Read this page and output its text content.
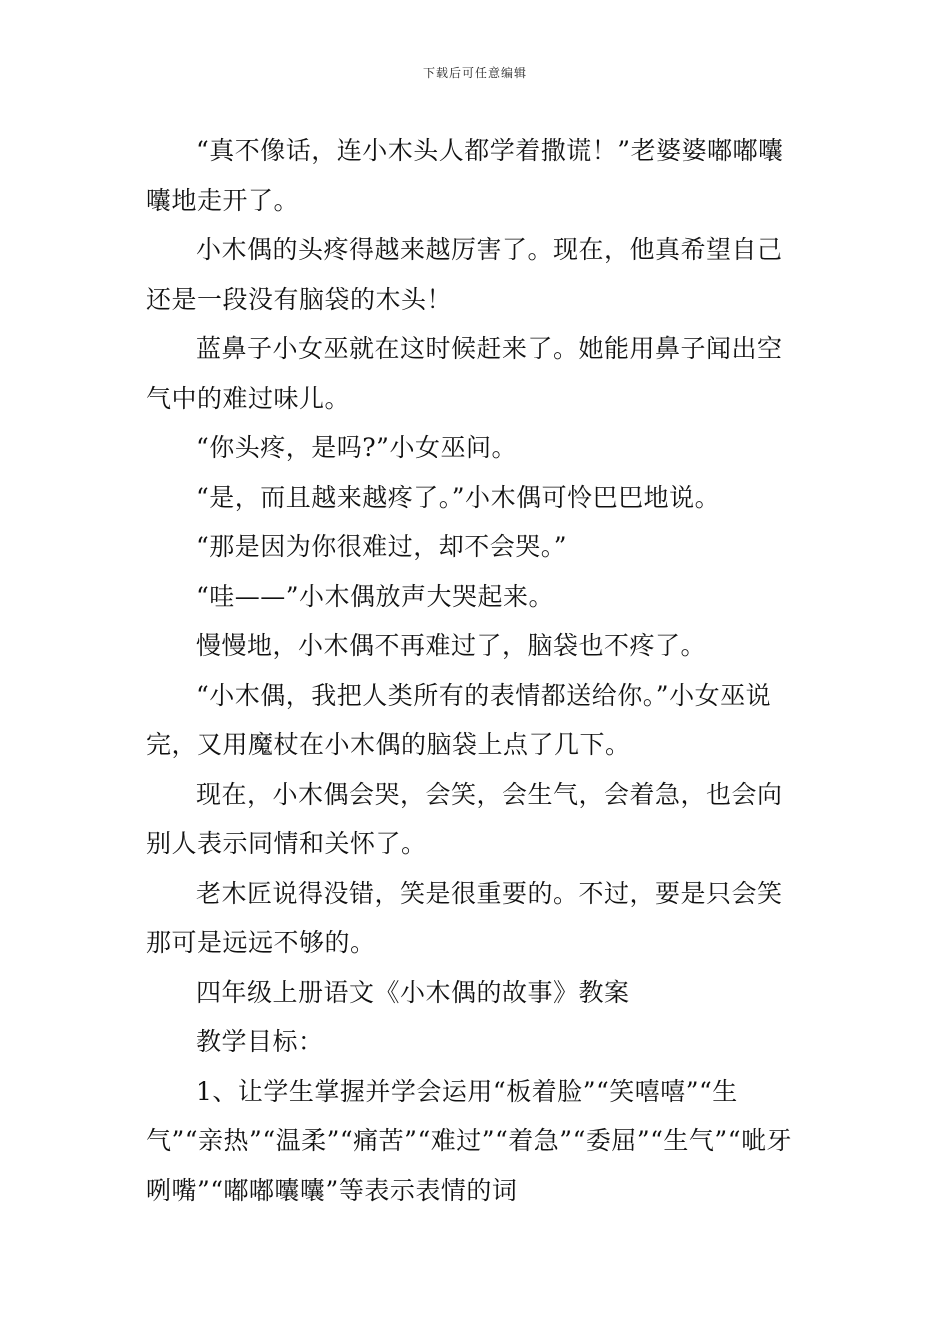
下载后可任意编辑

“真不像话，连小木头人都学着撒谎！”老婆婆嘟嘟囔囔地走开了。

小木偶的头疼得越来越厉害了。现在，他真希望自己还是一段没有脑袋的木头！

蓝鼻子小女巫就在这时候赶来了。她能用鼻子闻出空气中的难过味儿。

“你头疼，是吗?”小女巫问。

“是，而且越来越疼了。”小木偶可怜巴巴地说。

“那是因为你很难过，却不会哭。”

“哇——”小木偶放声大哭起来。

慢慢地，小木偶不再难过了，脑袋也不疼了。

“小木偶，我把人类所有的表情都送给你。”小女巫说完，又用魔杖在小木偶的脑袋上点了几下。

现在，小木偶会哭，会笑，会生气，会着急，也会向别人表示同情和关怀了。

老木匠说得没错，笑是很重要的。不过，要是只会笑那可是远远不够的。

四年级上册语文《小木偶的故事》教案

教学目标：

1、让学生掌握并学会运用“板着脸”“笑嘻嘻”“生气”“亲热”“温柔”“痛苦”“难过”“着急”“委屈”“生气”“呲牙咧嘴”“嘟嘟囔囔”等表示表情的词
